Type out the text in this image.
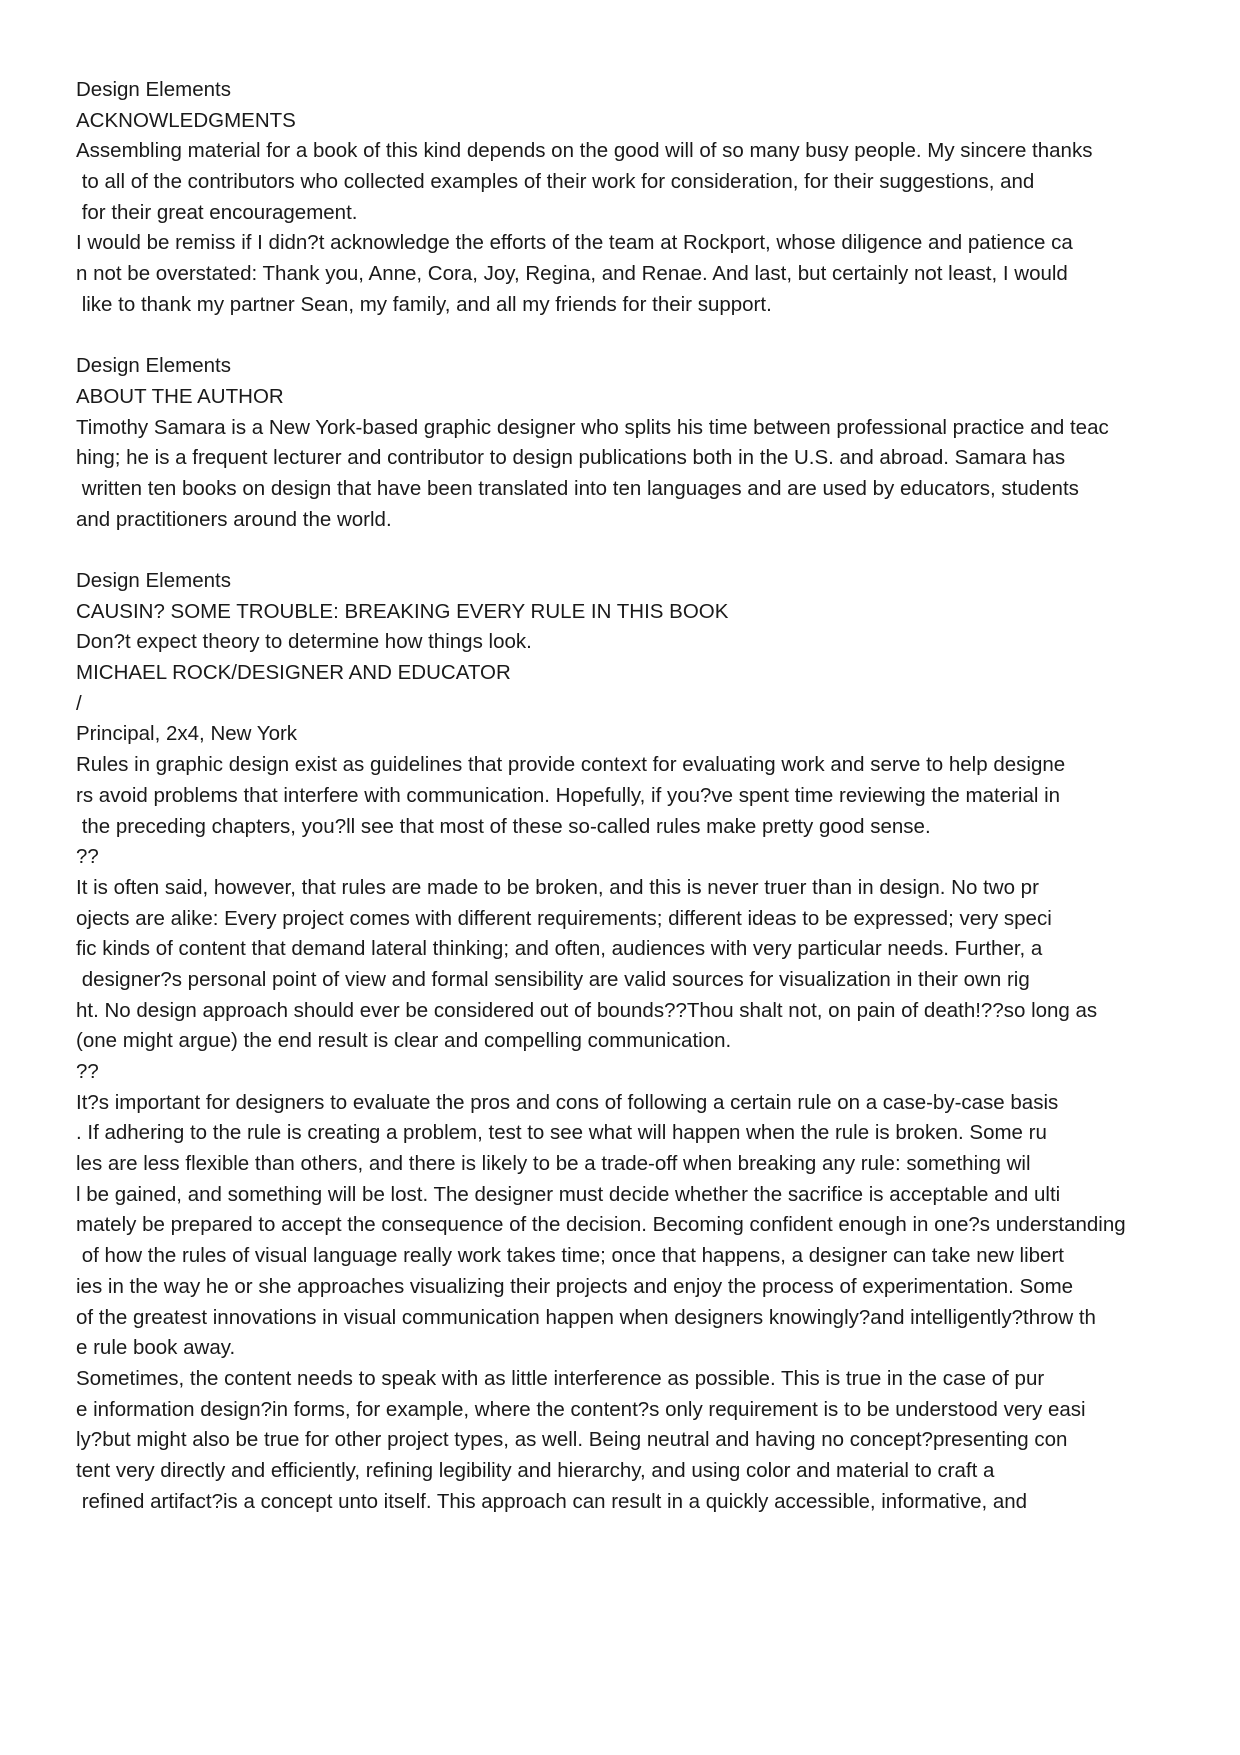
Design Elements
ACKNOWLEDGMENTS
Assembling material for a book of this kind depends on the good will of so many busy people. My sincere thanks
to all of the contributors who collected examples of their work for consideration, for their suggestions, and
for their great encouragement.
I would be remiss if I didn?t acknowledge the efforts of the team at Rockport, whose diligence and patience ca
n not be overstated: Thank you, Anne, Cora, Joy, Regina, and Renae. And last, but certainly not least, I would
like to thank my partner Sean, my family, and all my friends for their support.
Design Elements
ABOUT THE AUTHOR
Timothy Samara is a New York-based graphic designer who splits his time between professional practice and teac
hing; he is a frequent lecturer and contributor to design publications both in the U.S. and abroad. Samara has
written ten books on design that have been translated into ten languages and are used by educators, students
and practitioners around the world.
Design Elements
CAUSIN? SOME TROUBLE: BREAKING EVERY RULE IN THIS BOOK
Don?t expect theory to determine how things look.
MICHAEL ROCK/DESIGNER AND EDUCATOR
/
Principal, 2x4, New York
Rules in graphic design exist as guidelines that provide context for evaluating work and serve to help designe
rs avoid problems that interfere with communication. Hopefully, if you?ve spent time reviewing the material in
the preceding chapters, you?ll see that most of these so-called rules make pretty good sense.
??
It is often said, however, that rules are made to be broken, and this is never truer than in design. No two pr
ojects are alike: Every project comes with different requirements; different ideas to be expressed; very speci
fic kinds of content that demand lateral thinking; and often, audiences with very particular needs. Further, a
designer?s personal point of view and formal sensibility are valid sources for visualization in their own rig
ht. No design approach should ever be considered out of bounds??Thou shalt not, on pain of death!??so long as
(one might argue) the end result is clear and compelling communication.
??
It?s important for designers to evaluate the pros and cons of following a certain rule on a case-by-case basis
. If adhering to the rule is creating a problem, test to see what will happen when the rule is broken. Some ru
les are less flexible than others, and there is likely to be a trade-off when breaking any rule: something wil
l be gained, and something will be lost. The designer must decide whether the sacrifice is acceptable and ulti
mately be prepared to accept the consequence of the decision. Becoming confident enough in one?s understanding
of how the rules of visual language really work takes time; once that happens, a designer can take new libert
ies in the way he or she approaches visualizing their projects and enjoy the process of experimentation. Some
of the greatest innovations in visual communication happen when designers knowingly?and intelligently?throw th
e rule book away.
Sometimes, the content needs to speak with as little interference as possible. This is true in the case of pur
e information design?in forms, for example, where the content?s only requirement is to be understood very easi
ly?but might also be true for other project types, as well. Being neutral and having no concept?presenting con
tent very directly and efficiently, refining legibility and hierarchy, and using color and material to craft a
refined artifact?is a concept unto itself. This approach can result in a quickly accessible, informative, and
